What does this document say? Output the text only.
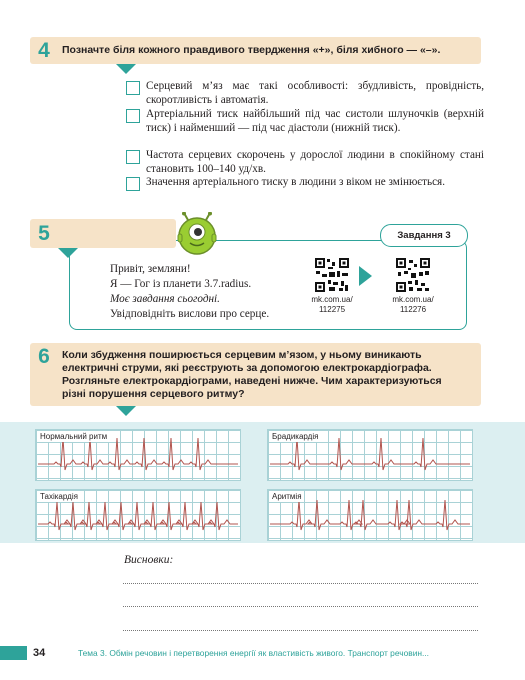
4	Позначте біля кожного правдивого твердження «+», біля хибного — «–».
Серцевий м’яз має такі особливості: збудливість, провідність, скоротливість і автоматія.
Артеріальний тиск найбільший під час систоли шлуночків (верхній тиск) і найменший — під час діастоли (нижній тиск).
Частота серцевих скорочень у дорослої людини в спокійному стані становить 100–140 уд/хв.
Значення артеріального тиску в людини з віком не змінюється.
5	Завдання 3
Привіт, земляни!
Я — Гог із планети 3.7.radius.
Моє завдання сьогодні.
Увідповідніть вислови про серце.
mk.com.ua/
112275
mk.com.ua/
112276
6	Коли збудження поширюється серцевим м’язом, у ньому виникають електричні струми, які реєструють за допомогою електрокардіографа. Розгляньте електрокардіограми, наведені нижче. Чим характеризуються різні порушення серцевого ритму?
Нормальний ритм	Брадикардія
Тахікардія	Аритмія
Висновки:
34	Тема 3. Обмін речовин і перетворення енергії як властивість живого. Транспорт речовин...
